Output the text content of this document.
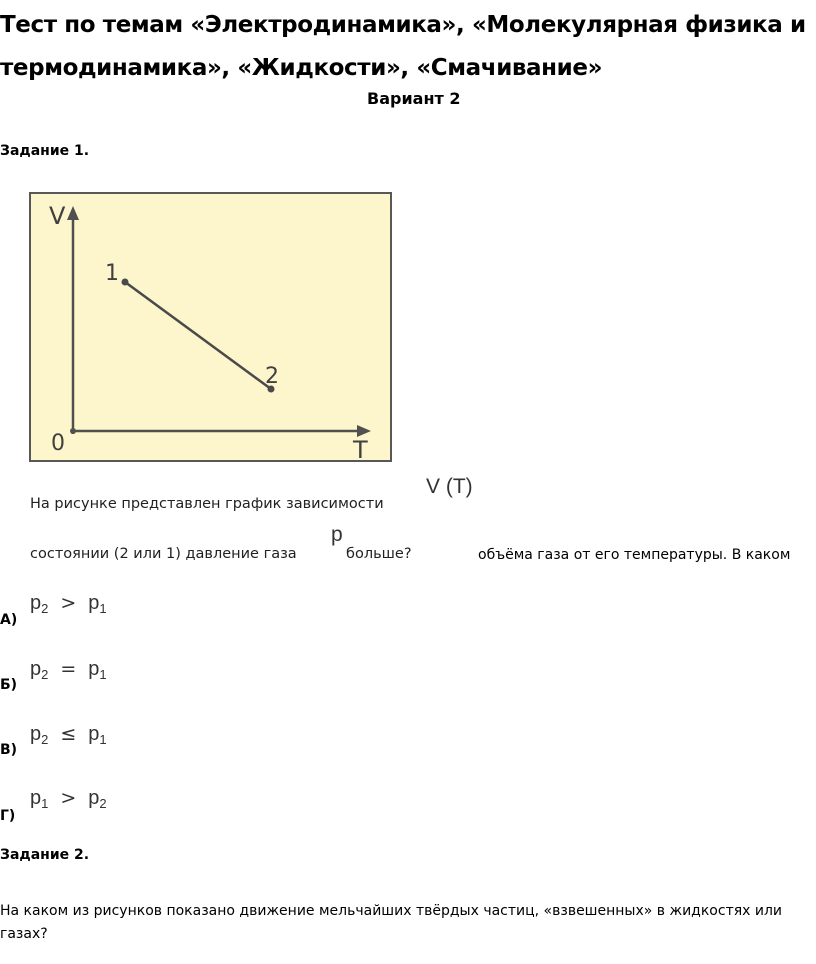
Тест по темам «Электродинамика», «Молекулярная физика и термодинамика», «Жидкости», «Смачивание»
Вариант 2
Задание 1.
V
T
0
1
2
V (T)
На рисунке представлен график зависимости
состоянии (2 или 1) давление газа
p
больше?	объёма газа от его температуры. В каком
А)
$p_2 > p_1$
Б)
$p_2 = p_1$
В)
$p_2 \le p_1$
Г)
$p_1 > p_2$
Задание 2.
На каком из рисунков показано движение мельчайших твёрдых частиц, «взвешенных» в жидкостях или газах?
